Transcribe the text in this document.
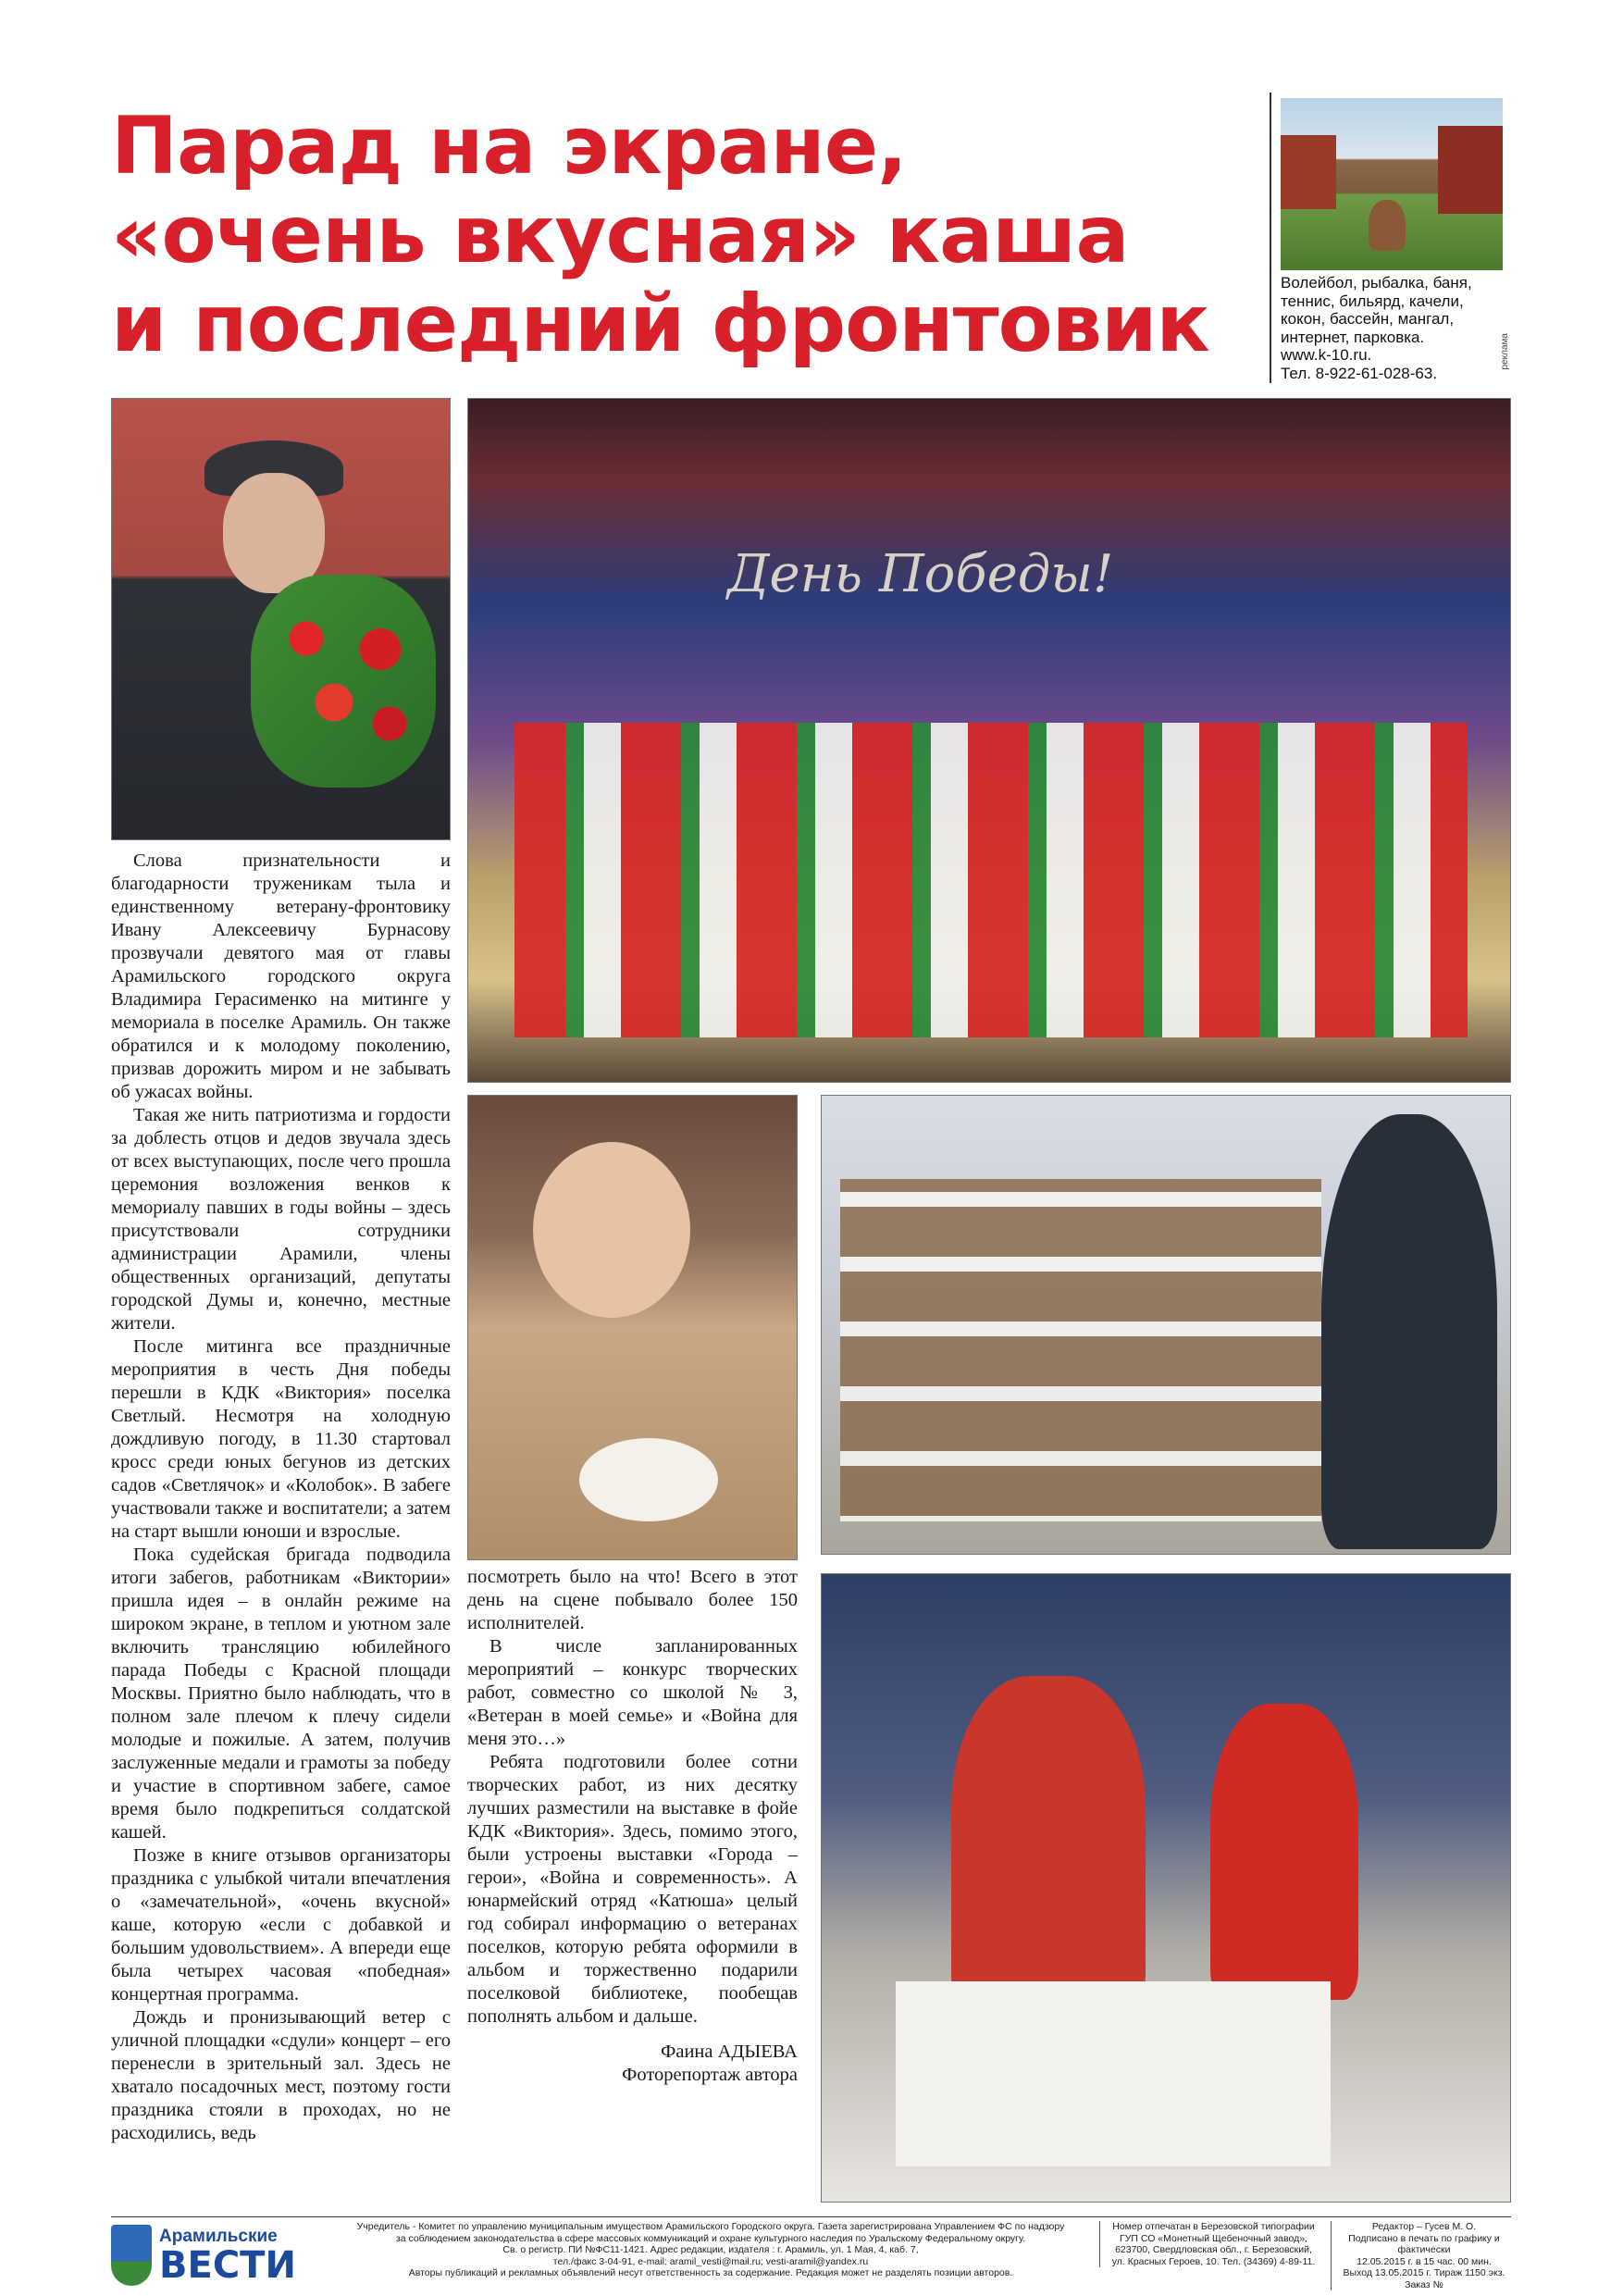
Парад на экране,
«очень вкусная» каша
и последний фронтовик	Волейбол, рыбалка, баня,
теннис, бильярд, качели,
кокон, бассейн, мангал,
интернет, парковка.
www.k-10.ru.
Тел. 8-922-61-028-63.
реклама
День Победы!

Слова признательности и благодарности труженикам тыла и единственному ветерану-фронтовику Ивану Алексеевичу Бурнасову прозвучали девятого мая от главы Арамильского городского округа Владимира Герасименко на митинге у мемориала в поселке Арамиль. Он также обратился и к молодому поколению, призвав дорожить миром и не забывать об ужасах войны.

Такая же нить патриотизма и гордости за доблесть отцов и дедов звучала здесь от всех выступающих, после чего прошла церемония возложения венков к мемориалу павших в годы войны – здесь присутствовали сотрудники администрации Арамили, члены общественных организаций, депутаты городской Думы и, конечно, местные жители.

После митинга все праздничные мероприятия в честь Дня победы перешли в КДК «Виктория» поселка Светлый. Несмотря на холодную дождливую погоду, в 11.30 стартовал кросс среди юных бегунов из детских садов «Светлячок» и «Колобок». В забеге участвовали также и воспитатели; а затем на старт вышли юноши и взрослые.

Пока судейская бригада подводила итоги забегов, работникам «Виктории» пришла идея – в онлайн режиме на широком экране, в теплом и уютном зале включить трансляцию юбилейного парада Победы с Красной площади Москвы. Приятно было наблюдать, что в полном зале плечом к плечу сидели молодые и пожилые. А затем, получив заслуженные медали и грамоты за победу и участие в спортивном забеге, самое время было подкрепиться солдатской кашей.

Позже в книге отзывов организаторы праздника с улыбкой читали впечатления о «замечательной», «очень вкусной» каше, которую «если с добавкой и большим удовольствием». А впереди еще была четырех часовая «победная» концертная программа.

Дождь и пронизывающий ветер с уличной площадки «сдули» концерт – его перенесли в зрительный зал. Здесь не хватало посадочных мест, поэтому гости праздника стояли в проходах, но не расходились, ведь

посмотреть было на что! Всего в этот день на сцене побывало более 150 исполнителей.

В числе запланированных мероприятий – конкурс творческих работ, совместно со школой № 3, «Ветеран в моей семье» и «Война для меня это…»

Ребята подготовили более сотни творческих работ, из них десятку лучших разместили на выставке в фойе КДК «Виктория». Здесь, помимо этого, были устроены выставки «Города – герои», «Война и современность». А юнармейский отряд «Катюша» целый год собирал информацию о ветеранах поселков, которую ребята оформили в альбом и торжественно подарили поселковой библиотеке, пообещав пополнять альбом и дальше.

Фаина АДЫЕВА
Фоторепортаж автора
Арамильские
ВЕСТИ
Учредитель - Комитет по управлению муниципальным имуществом Арамильского Городского округа. Газета зарегистрирована Управлением ФС по надзору
за соблюдением законодательства в сфере массовых коммуникаций и охране культурного наследия по Уральскому Федеральному округу.
Св. о регистр. ПИ №ФС11-1421. Адрес редакции, издателя : г. Арамиль, ул. 1 Мая, 4, каб. 7,
тел./факс 3-04-91, e-mail: aramil_vesti@mail.ru; vesti-aramil@yandex.ru
Авторы публикаций и рекламных объявлений несут ответственность за содержание. Редакция может не разделять позиции авторов.
Номер отпечатан в Березовской типографии
ГУП СО «Монетный Щебеночный завод»,
623700, Свердловская обл., г. Березовский,
ул. Красных Героев, 10. Тел. (34369) 4-89-11.
Редактор – Гусев М. О.
Подписано в печать по графику и фактически
12.05.2015 г. в 15 час. 00 мин.
Выход 13.05.2015 г. Тираж 1150 экз. Заказ №
